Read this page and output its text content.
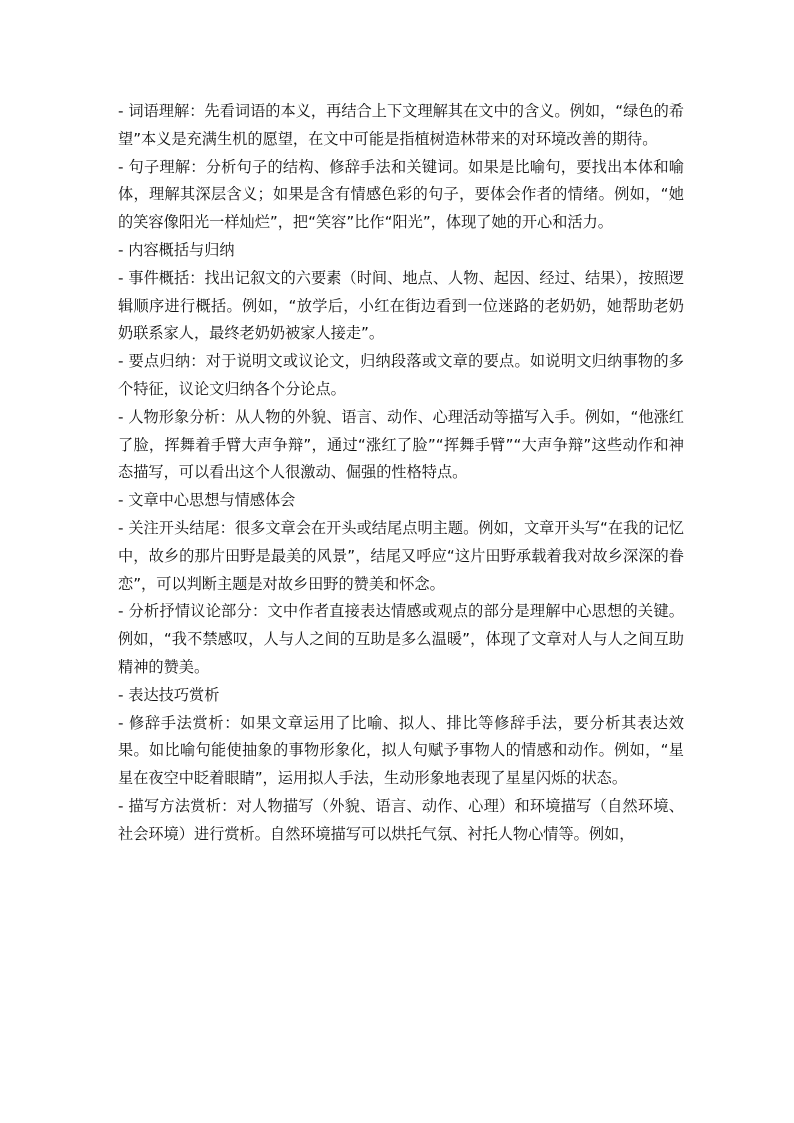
- 词语理解：先看词语的本义，再结合上下文理解其在文中的含义。例如，“绿色的希望”本义是充满生机的愿望，在文中可能是指植树造林带来的对环境改善的期待。

- 句子理解：分析句子的结构、修辞手法和关键词。如果是比喻句，要找出本体和喻体，理解其深层含义；如果是含有情感色彩的句子，要体会作者的情绪。例如，“她的笑容像阳光一样灿烂”，把“笑容”比作“阳光”，体现了她的开心和活力。

- 内容概括与归纳

- 事件概括：找出记叙文的六要素（时间、地点、人物、起因、经过、结果），按照逻辑顺序进行概括。例如，“放学后，小红在街边看到一位迷路的老奶奶，她帮助老奶奶联系家人，最终老奶奶被家人接走”。

- 要点归纳：对于说明文或议论文，归纳段落或文章的要点。如说明文归纳事物的多个特征，议论文归纳各个分论点。

- 人物形象分析：从人物的外貌、语言、动作、心理活动等描写入手。例如，“他涨红了脸，挥舞着手臂大声争辩”，通过“涨红了脸”“挥舞手臂”“大声争辩”这些动作和神态描写，可以看出这个人很激动、倔强的性格特点。

- 文章中心思想与情感体会

- 关注开头结尾：很多文章会在开头或结尾点明主题。例如，文章开头写“在我的记忆中，故乡的那片田野是最美的风景”，结尾又呼应“这片田野承载着我对故乡深深的眷恋”，可以判断主题是对故乡田野的赞美和怀念。

- 分析抒情议论部分：文中作者直接表达情感或观点的部分是理解中心思想的关键。例如，“我不禁感叹，人与人之间的互助是多么温暖”，体现了文章对人与人之间互助精神的赞美。

- 表达技巧赏析

- 修辞手法赏析：如果文章运用了比喻、拟人、排比等修辞手法，要分析其表达效果。如比喻句能使抽象的事物形象化，拟人句赋予事物人的情感和动作。例如，“星星在夜空中眨着眼睛”，运用拟人手法，生动形象地表现了星星闪烁的状态。

- 描写方法赏析：对人物描写（外貌、语言、动作、心理）和环境描写（自然环境、社会环境）进行赏析。自然环境描写可以烘托气氛、衬托人物心情等。例如，
